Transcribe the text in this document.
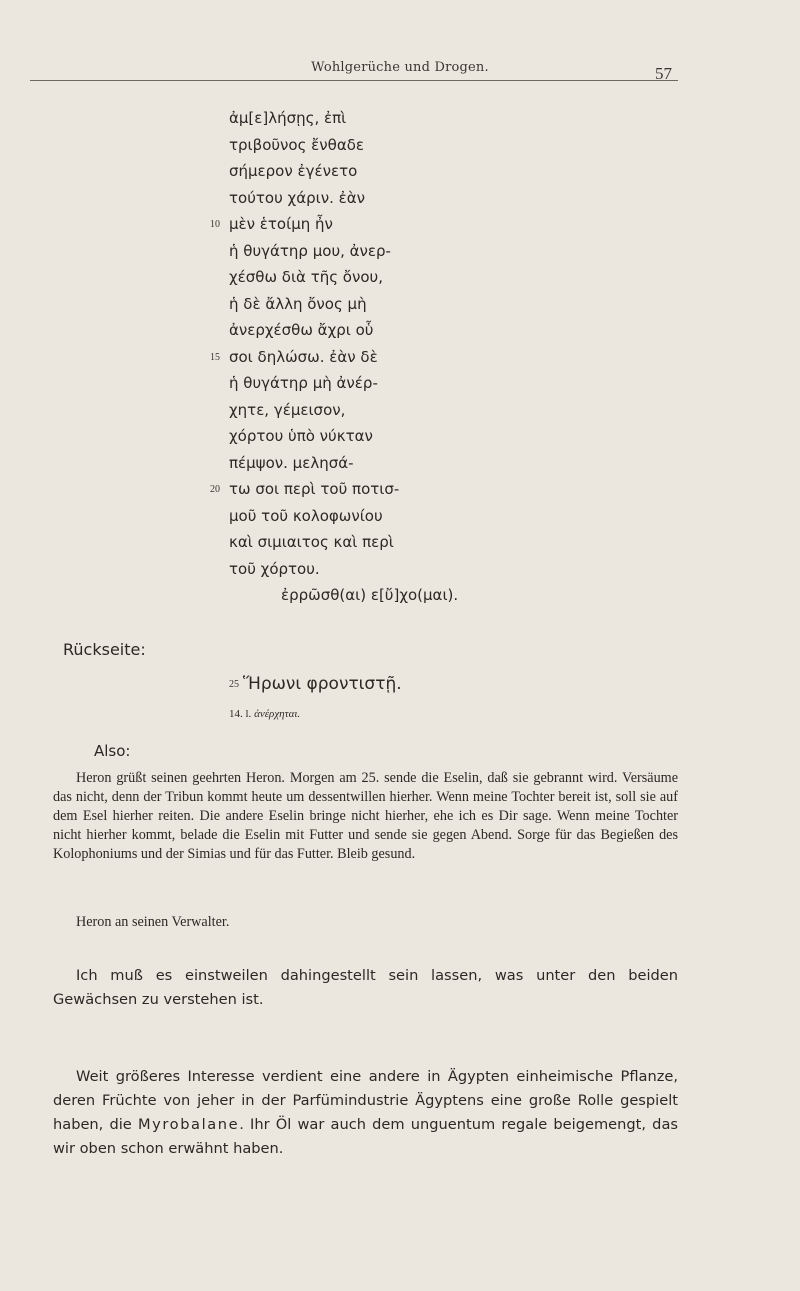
Wohlgerüche und Drogen.	57
ἀμ[ε]λήσῃς, ἐπὶ
τριβοῦνος ἔνθαδε
σήμερον ἐγένετο
τούτου χάριν. ἐὰν
10 μὲν ἑτοίμη ἦν
ἡ θυγάτηρ μου, ἀνερ-
χέσθω διὰ τῆς ὄνου,
ἡ δὲ ἄλλη ὄνος μὴ
ἀνερχέσθω ἄχρι οὗ
15 σοι δηλώσω. ἐὰν δὲ
ἡ θυγάτηρ μὴ ἀνέρ-
χητε, γέμεισον,
χόρτου ὑπὸ νύκταν
πέμψον. μελησά-
20 τω σοι περὶ τοῦ ποτισ-
μοῦ τοῦ κολοφωνίου
καὶ σιμιαιτος καὶ περὶ
τοῦ χόρτου.
ἐρρῶσθ(αι) ε[ὔ]χο(μαι).
Rückseite:
25 Ἥρωνι φροντιστῇ.
14. l. ἀνέρχηται.
Also:

Heron grüßt seinen geehrten Heron. Morgen am 25. sende die Eselin, daß sie gebrannt wird. Versäume das nicht, denn der Tribun kommt heute um dessentwillen hierher. Wenn meine Tochter bereit ist, soll sie auf dem Esel hierher reiten. Die andere Eselin bringe nicht hierher, ehe ich es Dir sage. Wenn meine Tochter nicht hierher kommt, belade die Eselin mit Futter und sende sie gegen Abend. Sorge für das Begießen des Kolophoniums und der Simias und für das Futter. Bleib gesund.

Heron an seinen Verwalter.

Ich muß es einstweilen dahingestellt sein lassen, was unter den beiden Gewächsen zu verstehen ist.

Weit größeres Interesse verdient eine andere in Ägypten einheimische Pflanze, deren Früchte von jeher in der Parfümindustrie Ägyptens eine große Rolle gespielt haben, die Myrobalane. Ihr Öl war auch dem unguentum regale beigemengt, das wir oben schon erwähnt haben.
